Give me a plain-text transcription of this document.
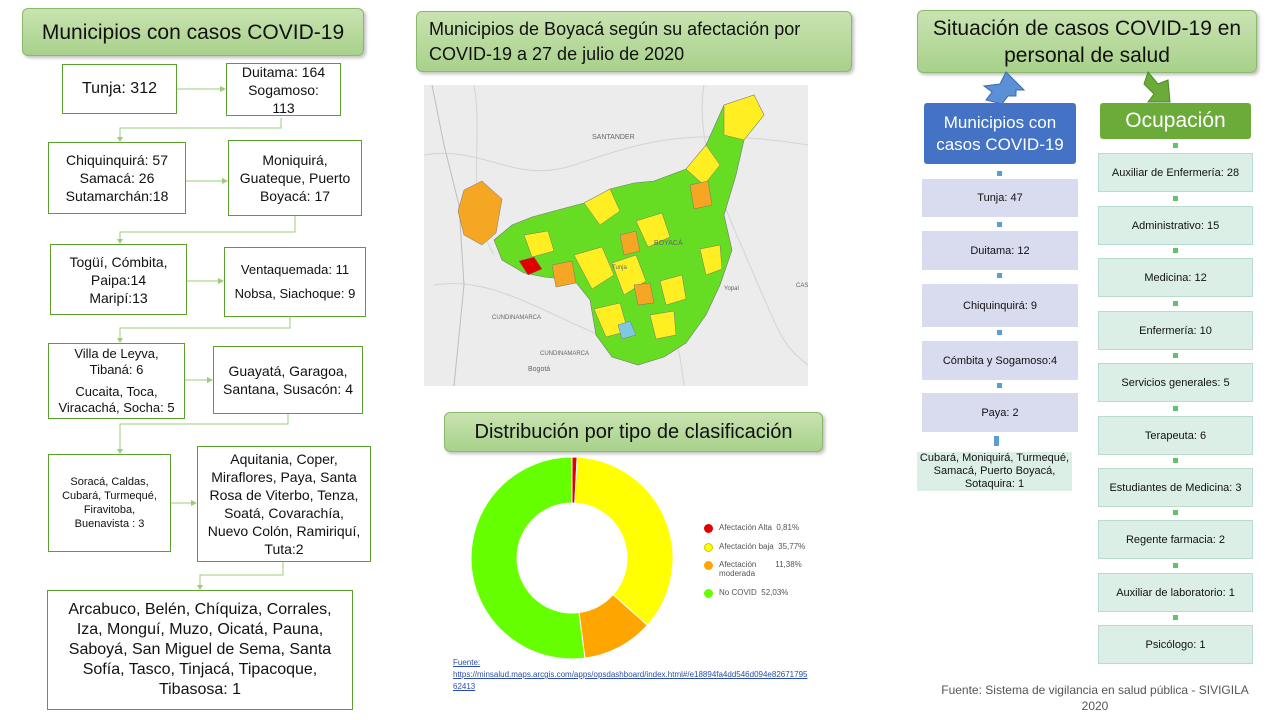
Municipios con casos COVID-19
Tunja: 312
Duitama: 164
Sogamoso:
113
Chiquinquirá: 57
Samacá: 26
Sutamarchán:18
Moniquirá,
Guateque, Puerto
Boyacá: 17
Togüí, Cómbita,
Paipa:14
Maripí:13
Ventaquemada: 11
Nobsa, Siachoque: 9
Villa de Leyva,
Tibaná: 6
Cucaita, Toca,
Viracachá, Socha: 5
Guayatá, Garagoa,
Santana, Susacón: 4
Soracá, Caldas,
Cubará, Turmequé,
Firavitoba,
Buenavista : 3
Aquitania, Coper,
Miraflores, Paya, Santa
Rosa de Viterbo, Tenza,
Soatá, Covarachía,
Nuevo Colón, Ramiriquí,
Tuta:2
Arcabuco, Belén, Chíquiza, Corrales,
Iza, Monguí, Muzo, Oicatá, Pauna,
Saboyá, San Miguel de Sema, Santa
Sofía, Tasco, Tinjacá, Tipacoque,
Tibasosa: 1
Municipios de Boyacá según su afectación por
COVID-19 a 27 de julio de 2020
SANTANDER
BOYACÁ
Tunja
Yopal
CUNDINAMARCA
CUNDINAMARCA
Bogotá
CAS
Distribución por tipo de clasificación
Afectación Alta
0,81%
Afectación baja
35,77%
Afectación moderada

11,38%
No COVID
52,03%
Fuente:
https://minsalud.maps.arcgis.com/apps/opsdashboard/index.html#/e18894fa4dd546d094e82671795
62413
Situación de casos COVID-19 en personal de salud
Municipios con casos COVID-19
Ocupación
Tunja: 47
Duitama: 12
Chiquinquirá: 9
Cómbita y Sogamoso:4
Paya: 2
Cubará, Moniquirá, Turmequé, Samacá, Puerto Boyacá, Sotaquira: 1
Auxiliar de Enfermería: 28
Administrativo: 15
Medicina: 12
Enfermería: 10
Servicios generales: 5
Terapeuta: 6
Estudiantes de Medicina: 3
Regente farmacia: 2
Auxiliar de laboratorio: 1
Psicólogo: 1
Fuente: Sistema de vigilancia en salud pública - SIVIGILA 2020
